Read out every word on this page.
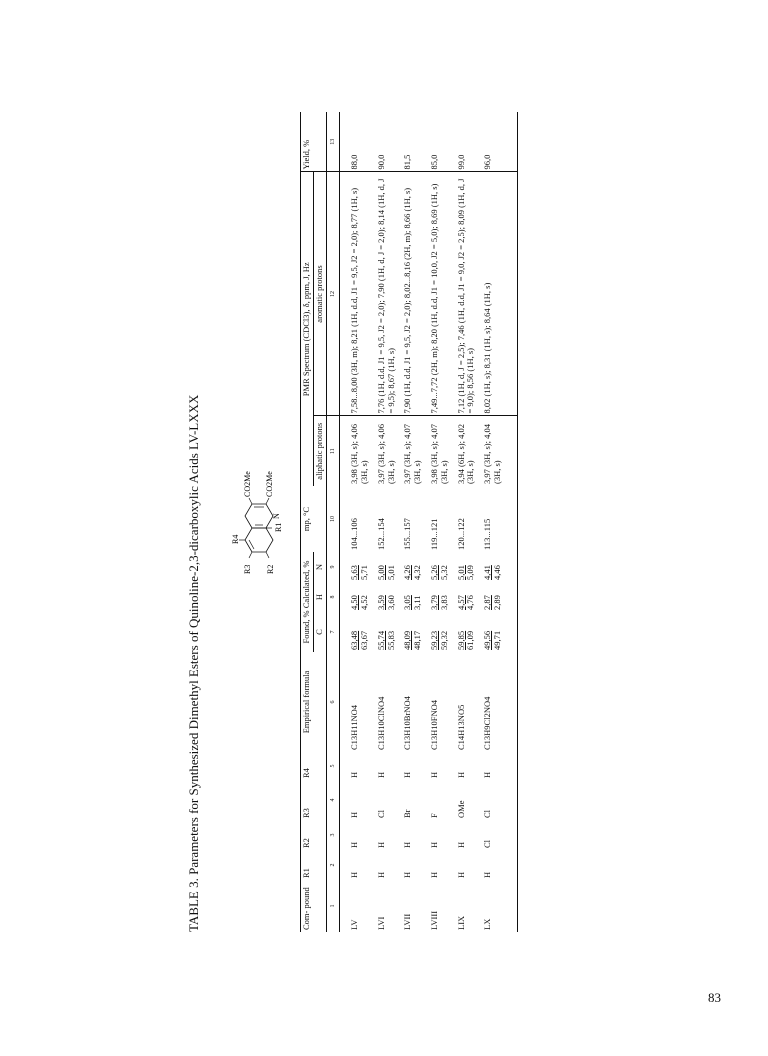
TABLE 3. Parameters for Synthesized Dimethyl Esters of Quinoline-2,3-dicarboxylic Acids LV-LXXX	R4
R3 R2
R1
N
CO2Me CO2Me
Com- pound	R1	R2	R3	R4	Empirical formula	Found, % Calculated, %			mp, °C	PMR Spectrum (CDCl3), δ, ppm, J, Hz		Yield, %
						C	H	N		aliphatic protons	aromatic protons	
1	2	3	4	5	6	7	8	9	10	11	12	13
LV	H	H	H	H	C13H11NO4	63,48 63,67	4,50 4,52	5,63 5,71	104...106	3,98 (3H, s); 4,06 (3H, s)	7,58...8,00 (3H, m); 8,21 (1H, d.d, J1 = 9,5, J2 = 2,0); 8,77 (1H, s)	88,0
LVI	H	H	Cl	H	C13H10ClNO4	55,74 55,83	3,59 3,60	5,00 5,01	152...154	3,97 (3H, s); 4,06 (3H, s)	7,76 (1H, d.d, J1 = 9,5, J2 = 2,0); 7,90 (1H, d, J = 2,0); 8,14 (1H, d, J = 9,5); 8,67 (1H, s)	90,0
LVII	H	H	Br	H	C13H10BrNO4	48,09 48,17	3,05 3,11	4,26 4,32	155...157	3,97 (3H, s); 4,07 (3H, s)	7,90 (1H, d.d, J1 = 9,5, J2 = 2,0); 8,02...8,16 (2H, m); 8,66 (1H, s)	81,5
LVIII	H	H	F	H	C13H10FNO4	59,23 59,32	3,79 3,83	5,26 5,32	119...121	3,98 (3H, s); 4,07 (3H, s)	7,49...7,72 (2H, m); 8,20 (1H, d.d, J1 = 10,0, J2 = 5,0); 8,69 (1H, s)	85,0
LIX	H	H	OMe	H	C14H13NO5	59,85 61,09	4,57 4,76	5,01 5,09	120...122	3,94 (6H, s); 4,02 (3H, s)	7,12 (1H, d, J = 2,5); 7,46 (1H, d.d, J1 = 9,0, J2 = 2,5); 8,09 (1H, d, J = 9,0); 8,56 (1H, s)	99,0
LX	H	Cl	Cl	H	C13H9Cl2NO4	49,56 49,71	2,87 2,89	4,41 4,46	113...115	3,97 (3H, s); 4,04 (3H, s)	8,02 (1H, s); 8,31 (1H, s); 8,64 (1H, s)	96,0
83
